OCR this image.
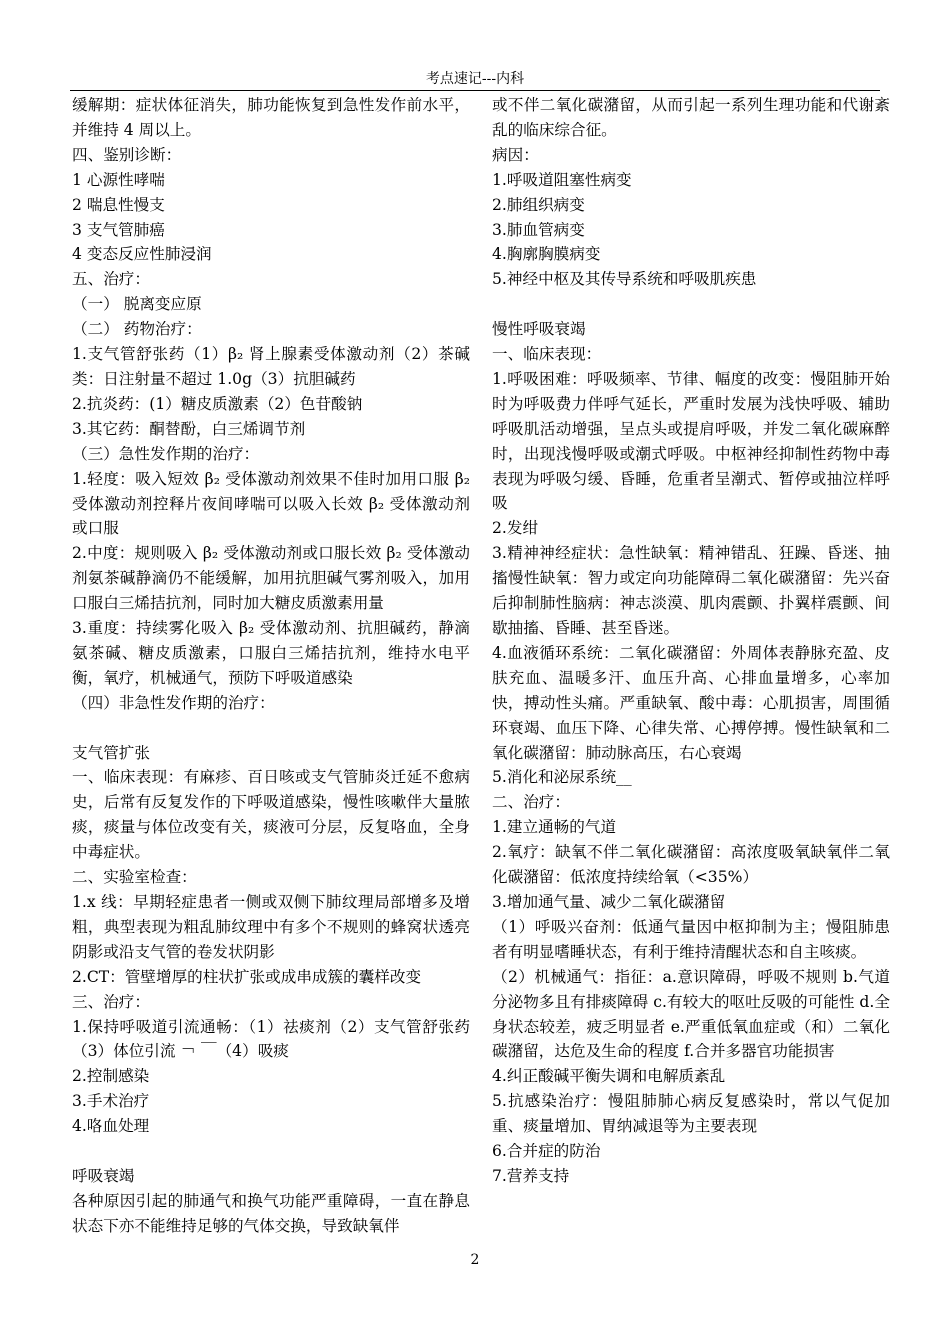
考点速记---内科

缓解期：症状体征消失，肺功能恢复到急性发作前水平，并维持 4 周以上。

四、鉴别诊断：

1 心源性哮喘

2 喘息性慢支

3 支气管肺癌

4 变态反应性肺浸润

五、治疗：

（一） 脱离变应原

（二） 药物治疗：

1.支气管舒张药（1）β₂ 肾上腺素受体激动剂（2）茶碱类：日注射量不超过 1.0g（3）抗胆碱药

2.抗炎药：(1）糖皮质激素（2）色苷酸钠

3.其它药：酮替酚，白三烯调节剂

（三）急性发作期的治疗：

1.轻度：吸入短效 β₂ 受体激动剂效果不佳时加用口服 β₂ 受体激动剂控释片夜间哮喘可以吸入长效 β₂ 受体激动剂或口服

2.中度：规则吸入 β₂ 受体激动剂或口服长效 β₂ 受体激动剂氨茶碱静滴仍不能缓解，加用抗胆碱气雾剂吸入，加用口服白三烯拮抗剂，同时加大糖皮质激素用量

3.重度：持续雾化吸入 β₂ 受体激动剂、抗胆碱药，静滴氨茶碱、糖皮质激素，口服白三烯拮抗剂，维持水电平衡，氧疗，机械通气，预防下呼吸道感染

（四）非急性发作期的治疗：

支气管扩张

一、临床表现：有麻疹、百日咳或支气管肺炎迁延不愈病史，后常有反复发作的下呼吸道感染，慢性咳嗽伴大量脓痰，痰量与体位改变有关，痰液可分层，反复咯血，全身中毒症状。

二、实验室检查：

1.x 线：早期轻症患者一侧或双侧下肺纹理局部增多及增粗，典型表现为粗乱肺纹理中有多个不规则的蜂窝状透亮阴影或沿支气管的卷发状阴影

2.CT：管壁增厚的柱状扩张或成串成簇的囊样改变

三、治疗：

1.保持呼吸道引流通畅：（1）祛痰剂（2）支气管舒张药（3）体位引流 ￢ ￣（4）吸痰

2.控制感染

3.手术治疗

4.咯血处理

呼吸衰竭

各种原因引起的肺通气和换气功能严重障碍，一直在静息状态下亦不能维持足够的气体交换，导致缺氧伴

或不伴二氧化碳潴留，从而引起一系列生理功能和代谢紊乱的临床综合征。

病因：

1.呼吸道阻塞性病变

2.肺组织病变

3.肺血管病变

4.胸廓胸膜病变

5.神经中枢及其传导系统和呼吸肌疾患

慢性呼吸衰竭

一、临床表现：

1.呼吸困难：呼吸频率、节律、幅度的改变：慢阻肺开始时为呼吸费力伴呼气延长，严重时发展为浅快呼吸、辅助呼吸肌活动增强，呈点头或提肩呼吸，并发二氧化碳麻醉时，出现浅慢呼吸或潮式呼吸。中枢神经抑制性药物中毒表现为呼吸匀缓、昏睡，危重者呈潮式、暂停或抽泣样呼吸

2.发绀

3.精神神经症状：急性缺氧：精神错乱、狂躁、昏迷、抽搐慢性缺氧：智力或定向功能障碍二氧化碳潴留：先兴奋后抑制肺性脑病：神志淡漠、肌肉震颤、扑翼样震颤、间歇抽搐、昏睡、甚至昏迷。

4.血液循环系统：二氧化碳潴留：外周体表静脉充盈、皮肤充血、温暖多汗、血压升高、心排血量增多，心率加快，搏动性头痛。严重缺氧、酸中毒：心肌损害，周围循环衰竭、血压下降、心律失常、心搏停搏。慢性缺氧和二氧化碳潴留：肺动脉高压，右心衰竭

5.消化和泌尿系统__

二、治疗：

1.建立通畅的气道

2.氧疗：缺氧不伴二氧化碳潴留：高浓度吸氧缺氧伴二氧化碳潴留：低浓度持续给氧（<35%）

3.增加通气量、减少二氧化碳潴留

（1）呼吸兴奋剂：低通气量因中枢抑制为主；慢阻肺患者有明显嗜睡状态，有利于维持清醒状态和自主咳痰。

（2）机械通气：指征：a.意识障碍，呼吸不规则 b.气道分泌物多且有排痰障碍 c.有较大的呕吐反吸的可能性 d.全身状态较差，疲乏明显者 e.严重低氧血症或（和）二氧化碳潴留，达危及生命的程度 f.合并多器官功能损害

4.纠正酸碱平衡失调和电解质紊乱

5.抗感染治疗：慢阻肺肺心病反复感染时，常以气促加重、痰量增加、胃纳减退等为主要表现

6.合并症的防治

7.营养支持

2
